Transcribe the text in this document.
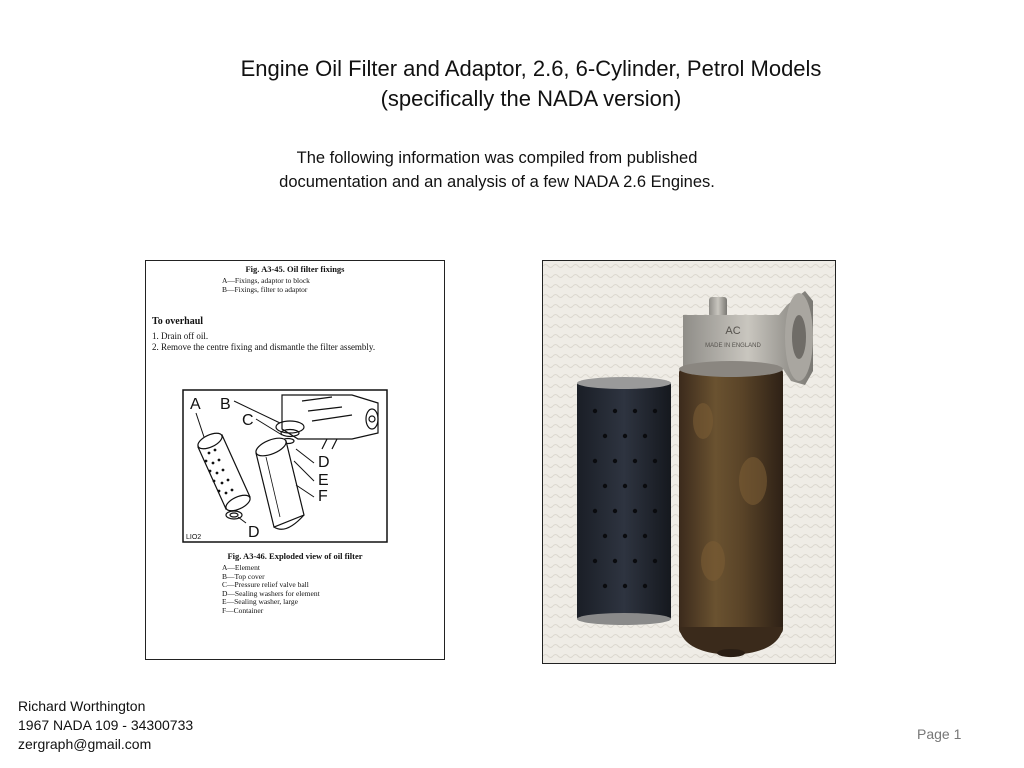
Engine Oil Filter and Adaptor, 2.6, 6-Cylinder, Petrol Models
(specifically the NADA version)
The following information was compiled from published
documentation and an analysis of a few NADA 2.6 Engines.
Fig. A3-45. Oil filter fixings
A—Fixings, adaptor to block
B—Fixings, filter to adaptor
To overhaul
1. Drain off oil.
2. Remove the centre fixing and dismantle the filter assembly.
A B
C
D
E
F
D
LIO2
Fig. A3-46. Exploded view of oil filter
A—Element
B—Top cover
C—Pressure relief valve ball
D—Sealing washers for element
E—Sealing washer, large
F—Container
AC
MADE IN ENGLAND
Richard Worthington
1967 NADA 109 - 34300733
zergraph@gmail.com
Page 1
